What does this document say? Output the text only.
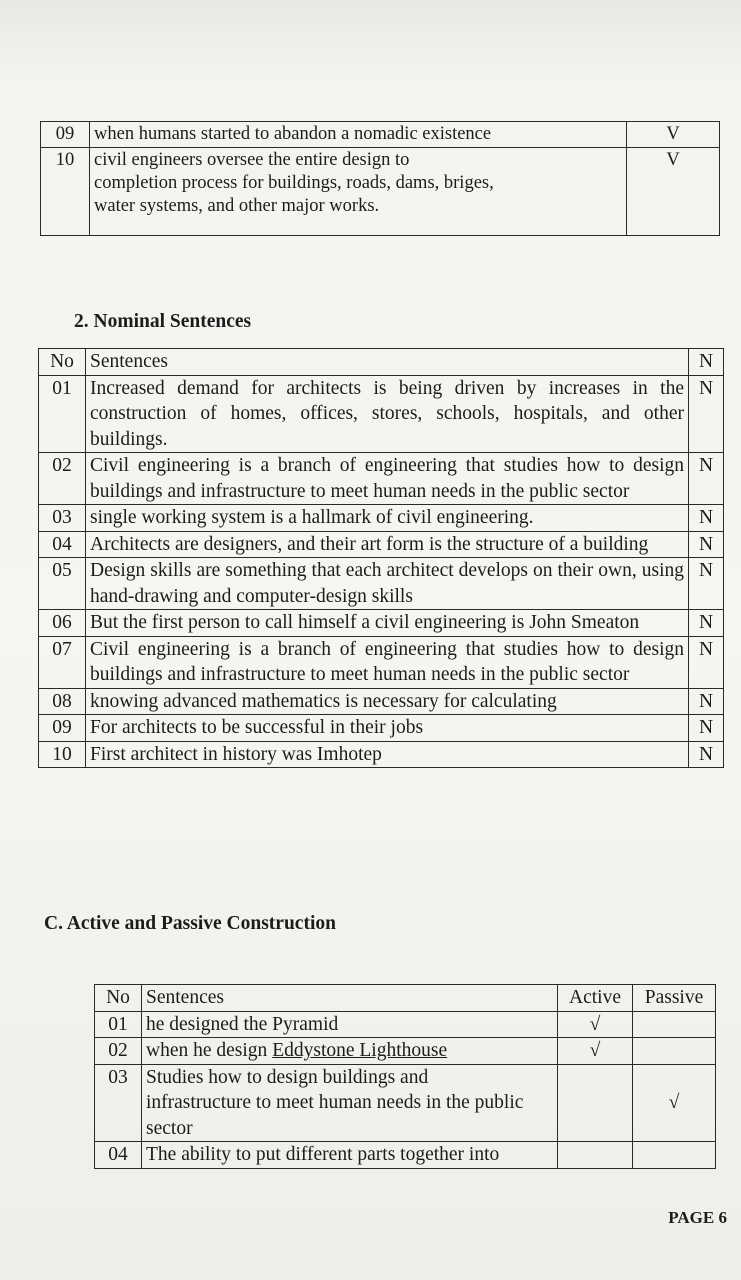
09	when humans started to abandon a nomadic existence	V
10	civil engineers oversee the entire design to completion process for buildings, roads, dams, briges, water systems, and other major works.	V
2. Nominal Sentences
No	Sentences	N
01	Increased demand for architects is being driven by increases in the construction of homes, offices, stores, schools, hospitals, and other buildings.	N
02	Civil engineering is a branch of engineering that studies how to design buildings and infrastructure to meet human needs in the public sector	N
03	single working system is a hallmark of civil engineering.	N
04	Architects are designers, and their art form is the structure of a building	N
05	Design skills are something that each architect develops on their own, using hand-drawing and computer-design skills	N
06	But the first person to call himself a civil engineering is John Smeaton	N
07	Civil engineering is a branch of engineering that studies how to design buildings and infrastructure to meet human needs in the public sector	N
08	knowing advanced mathematics is necessary for calculating	N
09	For architects to be successful in their jobs	N
10	First architect in history was Imhotep	N
C. Active and Passive Construction
No	Sentences	Active	Passive
01	he designed the Pyramid	√	
02	when he design Eddystone Lighthouse	√	
03	Studies how to design buildings and infrastructure to meet human needs in the public sector		√
04	The ability to put different parts together into		
PAGE 6
